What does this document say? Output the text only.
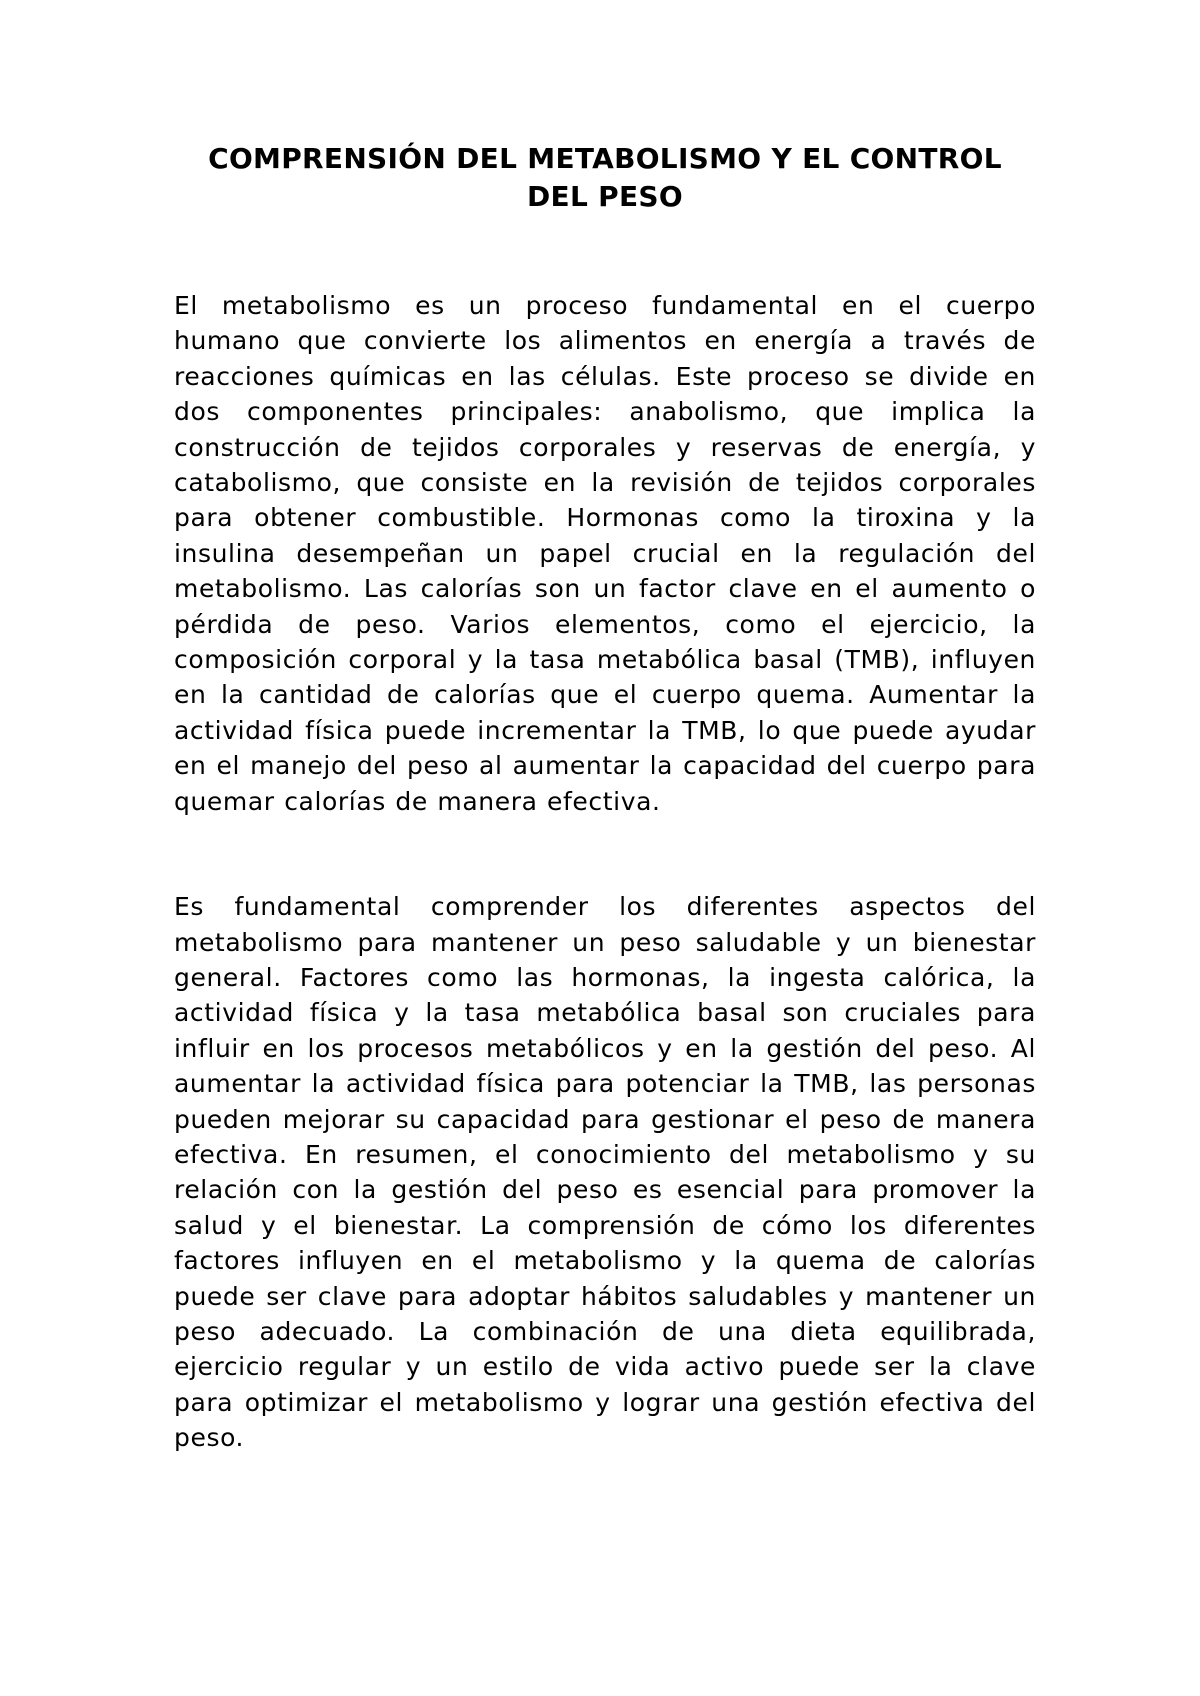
COMPRENSIÓN DEL METABOLISMO Y EL CONTROL DEL PESO

El metabolismo es un proceso fundamental en el cuerpo humano que convierte los alimentos en energía a través de reacciones químicas en las células. Este proceso se divide en dos componentes principales: anabolismo, que implica la construcción de tejidos corporales y reservas de energía, y catabolismo, que consiste en la revisión de tejidos corporales para obtener combustible. Hormonas como la tiroxina y la insulina desempeñan un papel crucial en la regulación del metabolismo. Las calorías son un factor clave en el aumento o pérdida de peso. Varios elementos, como el ejercicio, la composición corporal y la tasa metabólica basal (TMB), influyen en la cantidad de calorías que el cuerpo quema. Aumentar la actividad física puede incrementar la TMB, lo que puede ayudar en el manejo del peso al aumentar la capacidad del cuerpo para quemar calorías de manera efectiva.

Es fundamental comprender los diferentes aspectos del metabolismo para mantener un peso saludable y un bienestar general. Factores como las hormonas, la ingesta calórica, la actividad física y la tasa metabólica basal son cruciales para influir en los procesos metabólicos y en la gestión del peso. Al aumentar la actividad física para potenciar la TMB, las personas pueden mejorar su capacidad para gestionar el peso de manera efectiva. En resumen, el conocimiento del metabolismo y su relación con la gestión del peso es esencial para promover la salud y el bienestar. La comprensión de cómo los diferentes factores influyen en el metabolismo y la quema de calorías puede ser clave para adoptar hábitos saludables y mantener un peso adecuado. La combinación de una dieta equilibrada, ejercicio regular y un estilo de vida activo puede ser la clave para optimizar el metabolismo y lograr una gestión efectiva del peso.
